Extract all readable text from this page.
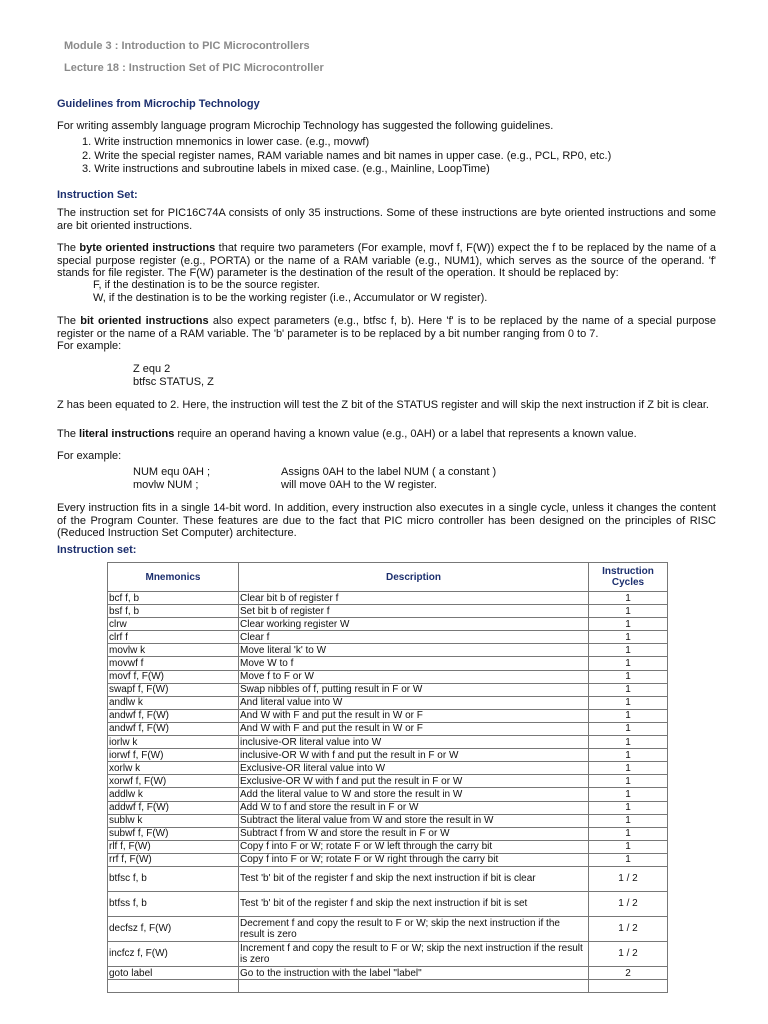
Module 3 : Introduction to PIC Microcontrollers
Lecture 18 : Instruction Set of PIC Microcontroller
Guidelines from Microchip Technology
For writing assembly language program Microchip Technology has suggested the following guidelines.
1. Write instruction mnemonics in lower case. (e.g., movwf)
2. Write the special register names, RAM variable names and bit names in upper case. (e.g., PCL, RP0, etc.)
3. Write instructions and subroutine labels in mixed case. (e.g., Mainline, LoopTime)
Instruction Set:
The instruction set for PIC16C74A consists of only 35 instructions. Some of these instructions are byte oriented instructions and some are bit oriented instructions.
The byte oriented instructions that require two parameters (For example, movf f, F(W)) expect the f to be replaced by the name of a special purpose register (e.g., PORTA) or the name of a RAM variable (e.g., NUM1), which serves as the source of the operand. 'f' stands for file register. The F(W) parameter is the destination of the result of the operation. It should be replaced by:
F, if the destination is to be the source register.
W, if the destination is to be the working register (i.e., Accumulator or W register).
The bit oriented instructions also expect parameters (e.g., btfsc f, b). Here 'f' is to be replaced by the name of a special purpose register or the name of a RAM variable. The 'b' parameter is to be replaced by a bit number ranging from 0 to 7.
For example:
Z equ 2
btfsc STATUS, Z
Z has been equated to 2. Here, the instruction will test the Z bit of the STATUS register and will skip the next instruction if Z bit is clear.
The literal instructions require an operand having a known value (e.g., 0AH) or a label that represents a known value.
For example:
NUM equ 0AH ;	Assigns 0AH to the label NUM ( a constant )
movlw NUM ;	will move 0AH to the W register.
Every instruction fits in a single 14-bit word. In addition, every instruction also executes in a single cycle, unless it changes the content of the Program Counter. These features are due to the fact that PIC micro controller has been designed on the principles of RISC (Reduced Instruction Set Computer) architecture.
Instruction set:
Mnemonics	Description	Instruction Cycles
bcf f, b	Clear bit b of register f	1
bsf f, b	Set bit b of register f	1
clrw	Clear working register W	1
clrf f	Clear f	1
movlw k	Move literal 'k' to W	1
movwf f	Move W to f	1
movf f, F(W)	Move f to F or W	1
swapf f, F(W)	Swap nibbles of f, putting result in F or W	1
andlw k	And literal value into W	1
andwf f, F(W)	And W with F and put the result in W or F	1
andwf f, F(W)	And W with F and put the result in W or F	1
iorlw k	inclusive-OR literal value into W	1
iorwf f, F(W)	inclusive-OR W with f and put the result in F or W	1
xorlw k	Exclusive-OR literal value into W	1
xorwf f, F(W)	Exclusive-OR W with f and put the result in F or W	1
addlw k	Add the literal value to W and store the result in W	1
addwf f, F(W)	Add W to f and store the result in F or W	1
sublw k	Subtract the literal value from W and store the result in W	1
subwf f, F(W)	Subtract f from W and store the result in F or W	1
rlf f, F(W)	Copy f into F or W; rotate F or W left through the carry bit	1
rrf f, F(W)	Copy f into F or W; rotate F or W right through the carry bit	1
btfsc f, b	Test 'b' bit of the register f and skip the next instruction if bit is clear	1 / 2
btfss f, b	Test 'b' bit of the register f and skip the next instruction if bit is set	1 / 2
decfsz f, F(W)	Decrement f and copy the result to F or W; skip the next instruction if the result is zero	1 / 2
incfcz f, F(W)	Increment f and copy the result to F or W; skip the next instruction if the result is zero	1 / 2
goto label	Go to the instruction with the label "label"	2
